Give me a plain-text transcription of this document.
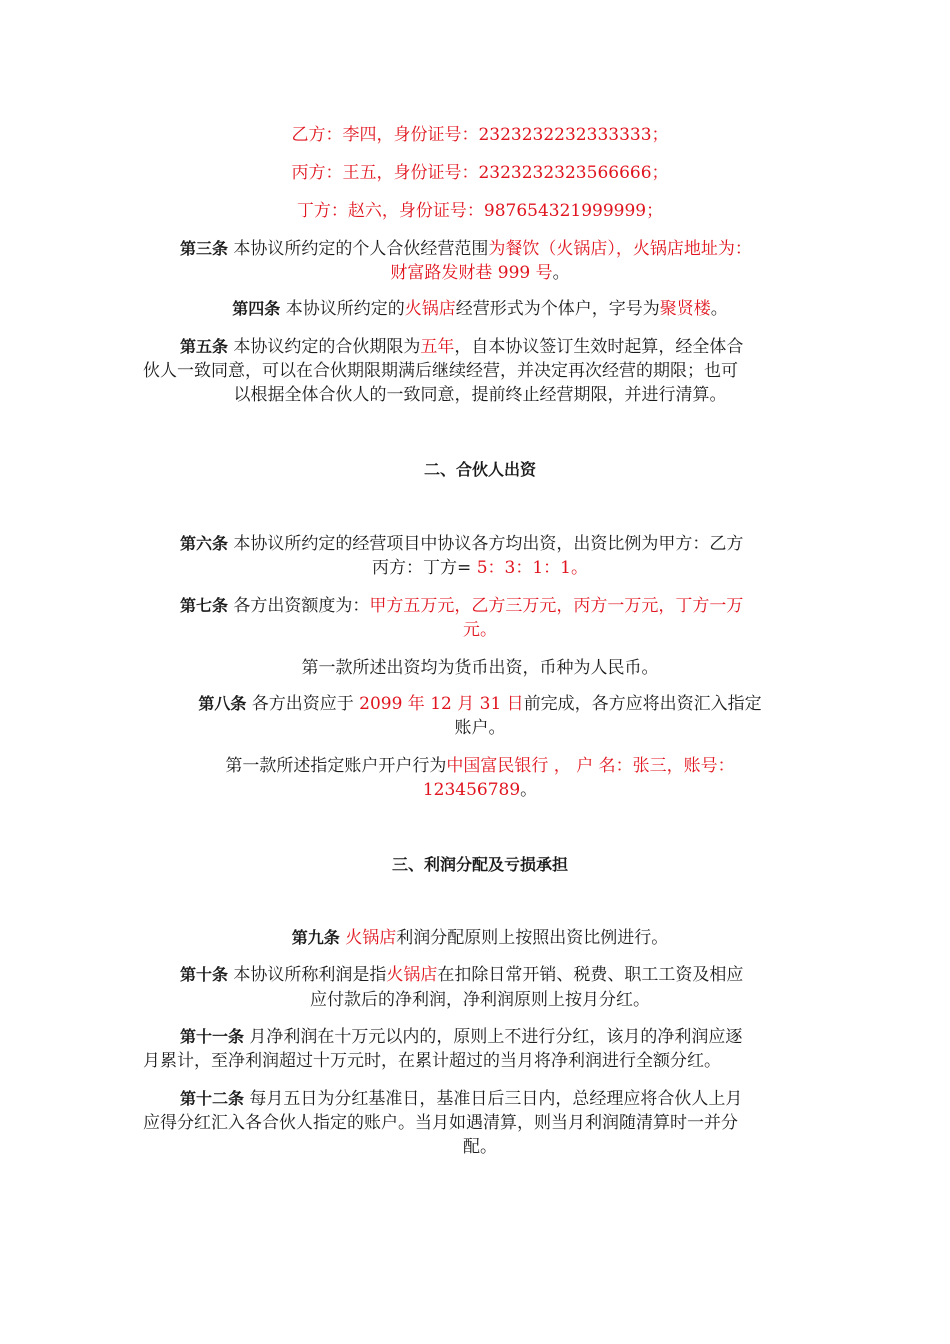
乙方：李四，身份证号：2323232232333333；
丙方：王五，身份证号：2323232323566666；
丁方：赵六，身份证号：987654321999999；
第三条 本协议所约定的个人合伙经营范围为餐饮（火锅店），火锅店地址为：
财富路发财巷 999 号。
第四条 本协议所约定的火锅店经营形式为个体户，字号为聚贤楼。
第五条 本协议约定的合伙期限为五年，自本协议签订生效时起算，经全体合
伙人一致同意，可以在合伙期限期满后继续经营，并决定再次经营的期限；也可
以根据全体合伙人的一致同意，提前终止经营期限，并进行清算。
二、合伙人出资
第六条 本协议所约定的经营项目中协议各方均出资，出资比例为甲方：乙方
丙方：丁方= 5：3：1：1。
第七条 各方出资额度为：甲方五万元，乙方三万元，丙方一万元，丁方一万
元。
第一款所述出资均为货币出资，币种为人民币。
第八条 各方出资应于 2099 年 12 月 31 日前完成，各方应将出资汇入指定
账户。
第一款所述指定账户开户行为中国富民银行 ， 户 名：张三，账号：
123456789。
三、利润分配及亏损承担
第九条 火锅店利润分配原则上按照出资比例进行。
第十条 本协议所称利润是指火锅店在扣除日常开销、税费、职工工资及相应
应付款后的净利润，净利润原则上按月分红。
第十一条 月净利润在十万元以内的，原则上不进行分红，该月的净利润应逐
月累计，至净利润超过十万元时，在累计超过的当月将净利润进行全额分红。
第十二条 每月五日为分红基准日，基准日后三日内，总经理应将合伙人上月
应得分红汇入各合伙人指定的账户。当月如遇清算，则当月利润随清算时一并分
配。
